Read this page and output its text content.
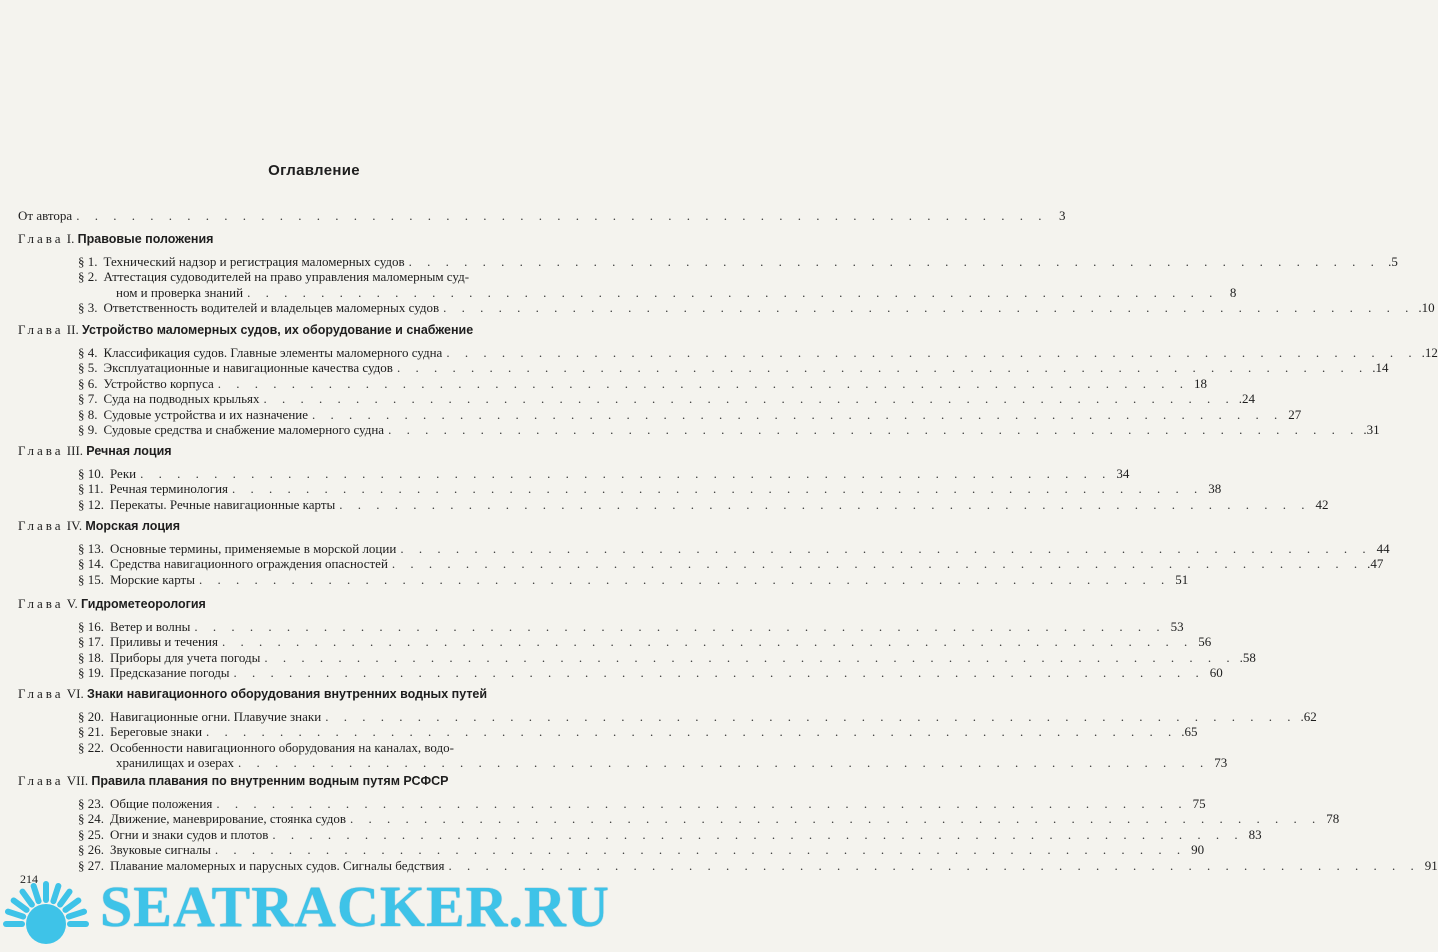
Оглавление
От автора . . . . . . . . . . . . . . . . . . . . . . . . . . . . . . . . . . . . . . . . . . . . . . . . . . . . . 3
Глава I. Правовые положения
§ 1. Технический надзор и регистрация маломерных судов . . . . . . . . . . . . . . . . . . . . . . . . . . . . . . . . . . . . . . . . . . . . . . . . . . . . . .5
§ 2. Аттестация судоводителей на право управления маломерным суд-
ном и проверка знаний . . . . . . . . . . . . . . . . . . . . . . . . . . . . . . . . . . . . . . . . . . . . . . . . . . . . . 8
§ 3. Ответственность водителей и владельцев маломерных судов . . . . . . . . . . . . . . . . . . . . . . . . . . . . . . . . . . . . . . . . . . . . . . . . . . . . . .10
Глава II. Устройство маломерных судов, их оборудование и снабжение
§ 4. Классификация судов. Главные элементы маломерного судна . . . . . . . . . . . . . . . . . . . . . . . . . . . . . . . . . . . . . . . . . . . . . . . . . . . . . .12
§ 5. Эксплуатационные и навигационные качества судов . . . . . . . . . . . . . . . . . . . . . . . . . . . . . . . . . . . . . . . . . . . . . . . . . . . . . .14
§ 6. Устройство корпуса . . . . . . . . . . . . . . . . . . . . . . . . . . . . . . . . . . . . . . . . . . . . . . . . . . . . . 18
§ 7. Суда на подводных крыльях . . . . . . . . . . . . . . . . . . . . . . . . . . . . . . . . . . . . . . . . . . . . . . . . . . . . . .24
§ 8. Судовые устройства и их назначение . . . . . . . . . . . . . . . . . . . . . . . . . . . . . . . . . . . . . . . . . . . . . . . . . . . . . 27
§ 9. Судовые средства и снабжение маломерного судна . . . . . . . . . . . . . . . . . . . . . . . . . . . . . . . . . . . . . . . . . . . . . . . . . . . . . .31
Глава III. Речная лоция
§ 10. Реки . . . . . . . . . . . . . . . . . . . . . . . . . . . . . . . . . . . . . . . . . . . . . . . . . . . . . 34
§ 11. Речная терминология . . . . . . . . . . . . . . . . . . . . . . . . . . . . . . . . . . . . . . . . . . . . . . . . . . . . . 38
§ 12. Перекаты. Речные навигационные карты . . . . . . . . . . . . . . . . . . . . . . . . . . . . . . . . . . . . . . . . . . . . . . . . . . . . . 42
Глава IV. Морская лоция
§ 13. Основные термины, применяемые в морской лоции . . . . . . . . . . . . . . . . . . . . . . . . . . . . . . . . . . . . . . . . . . . . . . . . . . . . . 44
§ 14. Средства навигационного ограждения опасностей . . . . . . . . . . . . . . . . . . . . . . . . . . . . . . . . . . . . . . . . . . . . . . . . . . . . . .47
§ 15. Морские карты . . . . . . . . . . . . . . . . . . . . . . . . . . . . . . . . . . . . . . . . . . . . . . . . . . . . . 51
Глава V. Гидрометеорология
§ 16. Ветер и волны . . . . . . . . . . . . . . . . . . . . . . . . . . . . . . . . . . . . . . . . . . . . . . . . . . . . . 53
§ 17. Приливы и течения . . . . . . . . . . . . . . . . . . . . . . . . . . . . . . . . . . . . . . . . . . . . . . . . . . . . . 56
§ 18. Приборы для учета погоды . . . . . . . . . . . . . . . . . . . . . . . . . . . . . . . . . . . . . . . . . . . . . . . . . . . . . .58
§ 19. Предсказание погоды . . . . . . . . . . . . . . . . . . . . . . . . . . . . . . . . . . . . . . . . . . . . . . . . . . . . . 60
Глава VI. Знаки навигационного оборудования внутренних водных путей
§ 20. Навигационные огни. Плавучие знаки . . . . . . . . . . . . . . . . . . . . . . . . . . . . . . . . . . . . . . . . . . . . . . . . . . . . . .62
§ 21. Береговые знаки . . . . . . . . . . . . . . . . . . . . . . . . . . . . . . . . . . . . . . . . . . . . . . . . . . . . . .65
§ 22. Особенности навигационного оборудования на каналах, водо-
хранилищах и озерах . . . . . . . . . . . . . . . . . . . . . . . . . . . . . . . . . . . . . . . . . . . . . . . . . . . . . 73
Глава VII. Правила плавания по внутренним водным путям РСФСР
§ 23. Общие положения . . . . . . . . . . . . . . . . . . . . . . . . . . . . . . . . . . . . . . . . . . . . . . . . . . . . . 75
§ 24. Движение, маневрирование, стоянка судов . . . . . . . . . . . . . . . . . . . . . . . . . . . . . . . . . . . . . . . . . . . . . . . . . . . . . 78
§ 25. Огни и знаки судов и плотов . . . . . . . . . . . . . . . . . . . . . . . . . . . . . . . . . . . . . . . . . . . . . . . . . . . . . 83
§ 26. Звуковые сигналы . . . . . . . . . . . . . . . . . . . . . . . . . . . . . . . . . . . . . . . . . . . . . . . . . . . . . 90
§ 27. Плавание маломерных и парусных судов. Сигналы бедствия . . . . . . . . . . . . . . . . . . . . . . . . . . . . . . . . . . . . . . . . . . . . . . . . . . . . . 91
214 SEATRACKER.RU
